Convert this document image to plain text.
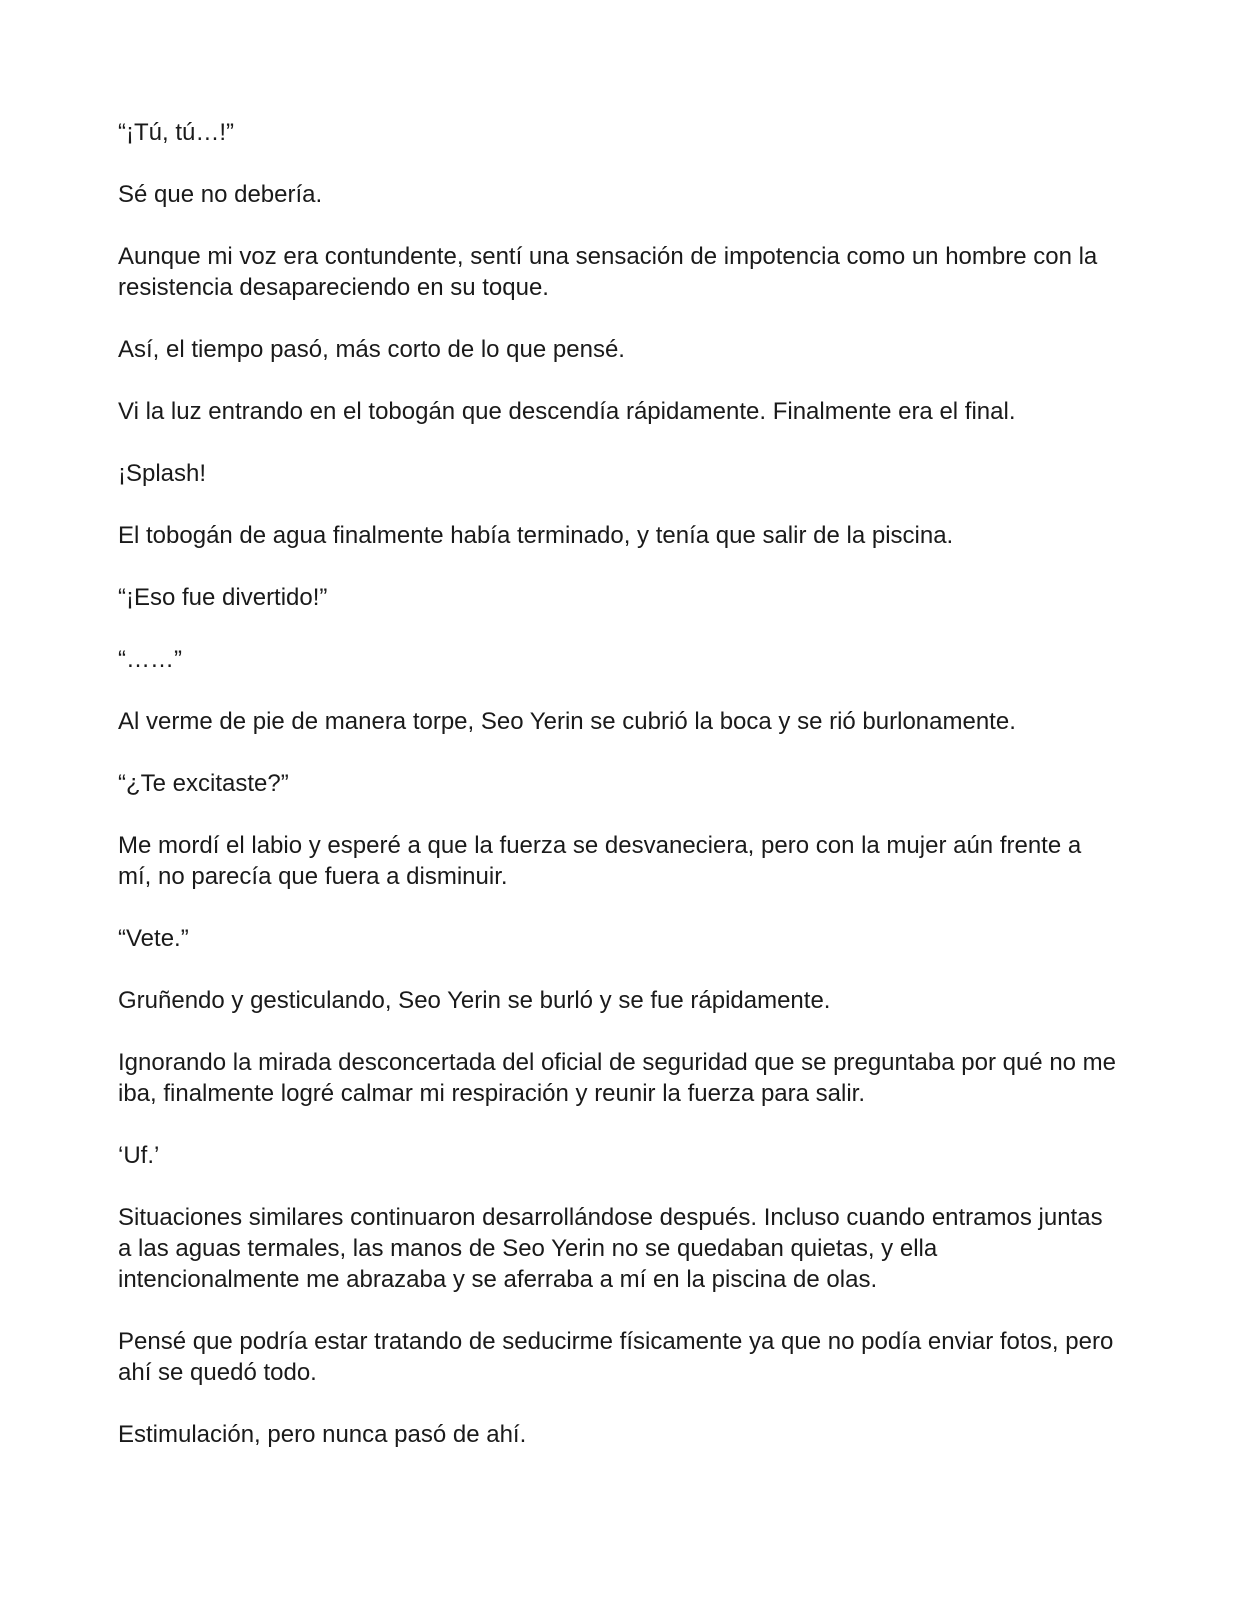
“¡Tú, tú…!”

Sé que no debería.

Aunque mi voz era contundente, sentí una sensación de impotencia como un hombre con la resistencia desapareciendo en su toque.

Así, el tiempo pasó, más corto de lo que pensé.

Vi la luz entrando en el tobogán que descendía rápidamente. Finalmente era el final.

¡Splash!

El tobogán de agua finalmente había terminado, y tenía que salir de la piscina.

“¡Eso fue divertido!”

“……”

Al verme de pie de manera torpe, Seo Yerin se cubrió la boca y se rió burlonamente.

“¿Te excitaste?”

Me mordí el labio y esperé a que la fuerza se desvaneciera, pero con la mujer aún frente a mí, no parecía que fuera a disminuir.

“Vete.”

Gruñendo y gesticulando, Seo Yerin se burló y se fue rápidamente.

Ignorando la mirada desconcertada del oficial de seguridad que se preguntaba por qué no me iba, finalmente logré calmar mi respiración y reunir la fuerza para salir.

‘Uf.’

Situaciones similares continuaron desarrollándose después. Incluso cuando entramos juntas a las aguas termales, las manos de Seo Yerin no se quedaban quietas, y ella intencionalmente me abrazaba y se aferraba a mí en la piscina de olas.

Pensé que podría estar tratando de seducirme físicamente ya que no podía enviar fotos, pero ahí se quedó todo.

Estimulación, pero nunca pasó de ahí.
